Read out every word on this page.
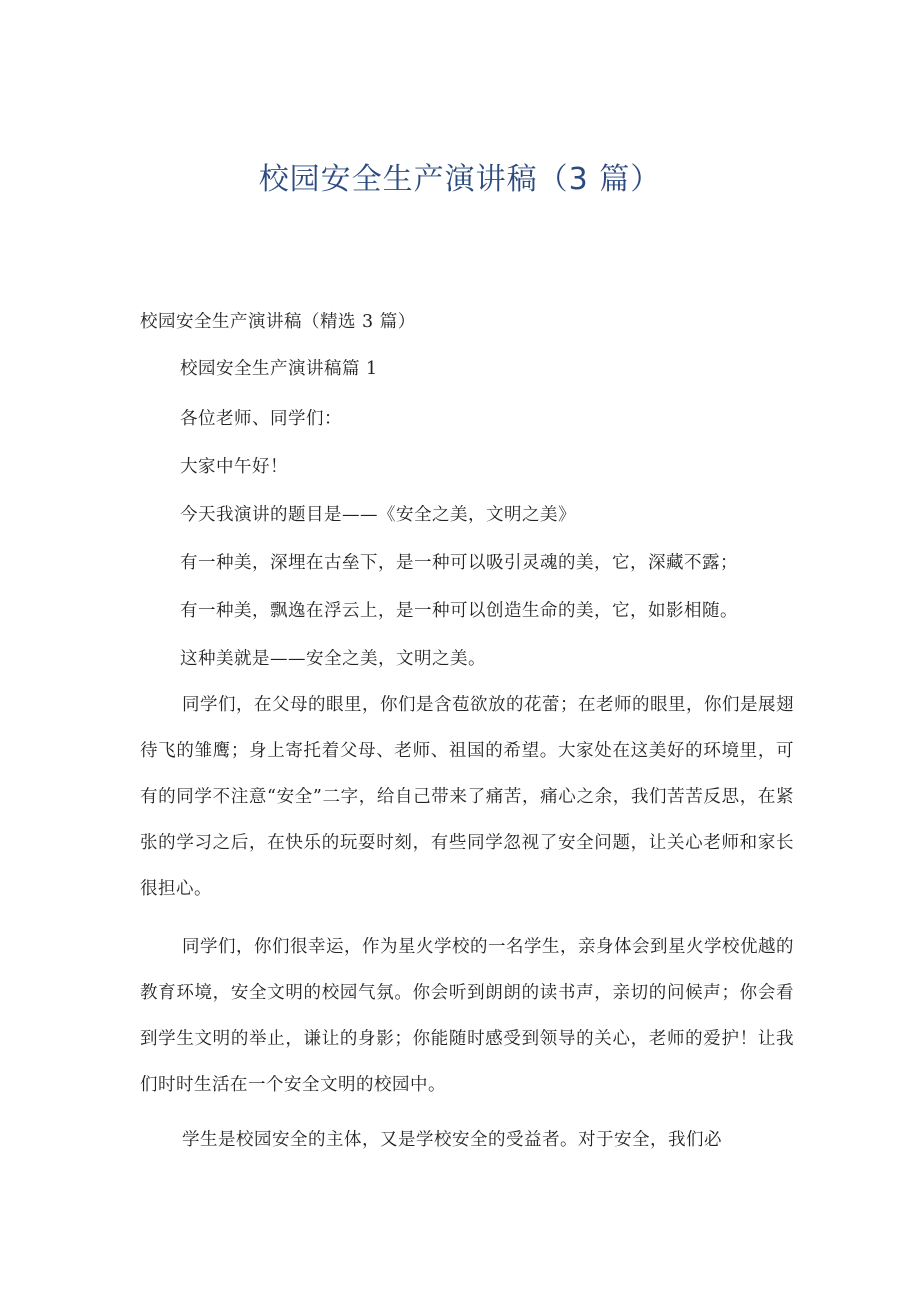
校园安全生产演讲稿（3 篇）
校园安全生产演讲稿（精选 3 篇）
校园安全生产演讲稿篇 1
各位老师、同学们：
大家中午好！
今天我演讲的题目是——《安全之美，文明之美》
有一种美，深埋在古垒下，是一种可以吸引灵魂的美，它，深藏不露；
有一种美，飘逸在浮云上，是一种可以创造生命的美，它，如影相随。
这种美就是——安全之美，文明之美。
同学们，在父母的眼里，你们是含苞欲放的花蕾；在老师的眼里，你们是展翅待飞的雏鹰；身上寄托着父母、老师、祖国的希望。大家处在这美好的环境里，可有的同学不注意“安全”二字，给自己带来了痛苦，痛心之余，我们苦苦反思，在紧张的学习之后，在快乐的玩耍时刻，有些同学忽视了安全问题，让关心老师和家长很担心。
同学们，你们很幸运，作为星火学校的一名学生，亲身体会到星火学校优越的教育环境，安全文明的校园气氛。你会听到朗朗的读书声，亲切的问候声；你会看到学生文明的举止，谦让的身影；你能随时感受到领导的关心，老师的爱护！让我们时时生活在一个安全文明的校园中。
学生是校园安全的主体，又是学校安全的受益者。对于安全，我们必
